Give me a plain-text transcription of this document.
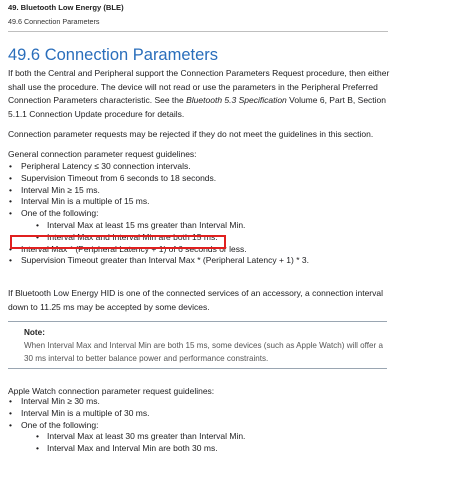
49. Bluetooth Low Energy (BLE)
49.6 Connection Parameters
49.6 Connection Parameters
If both the Central and Peripheral support the Connection Parameters Request procedure, then either shall use the procedure. The device will not read or use the parameters in the Peripheral Preferred Connection Parameters characteristic. See the Bluetooth 5.3 Specification Volume 6, Part B, Section 5.1.1 Connection Update procedure for details.
Connection parameter requests may be rejected if they do not meet the guidelines in this section.
General connection parameter request guidelines:
• Peripheral Latency ≤ 30 connection intervals.
• Supervision Timeout from 6 seconds to 18 seconds.
• Interval Min ≥ 15 ms.
• Interval Min is a multiple of 15 ms.
• One of the following:
• Interval Max at least 15 ms greater than Interval Min.
• Interval Max and Interval Min are both 15 ms.
• Interval Max * (Peripheral Latency + 1) of 6 seconds or less.
• Supervision Timeout greater than Interval Max * (Peripheral Latency + 1) * 3.
If Bluetooth Low Energy HID is one of the connected services of an accessory, a connection interval down to 11.25 ms may be accepted by some devices.
Note:
When Interval Max and Interval Min are both 15 ms, some devices (such as Apple Watch) will offer a 30 ms interval to better balance power and performance constraints.
Apple Watch connection parameter request guidelines:
• Interval Min ≥ 30 ms.
• Interval Min is a multiple of 30 ms.
• One of the following:
• Interval Max at least 30 ms greater than Interval Min.
• Interval Max and Interval Min are both 30 ms.
